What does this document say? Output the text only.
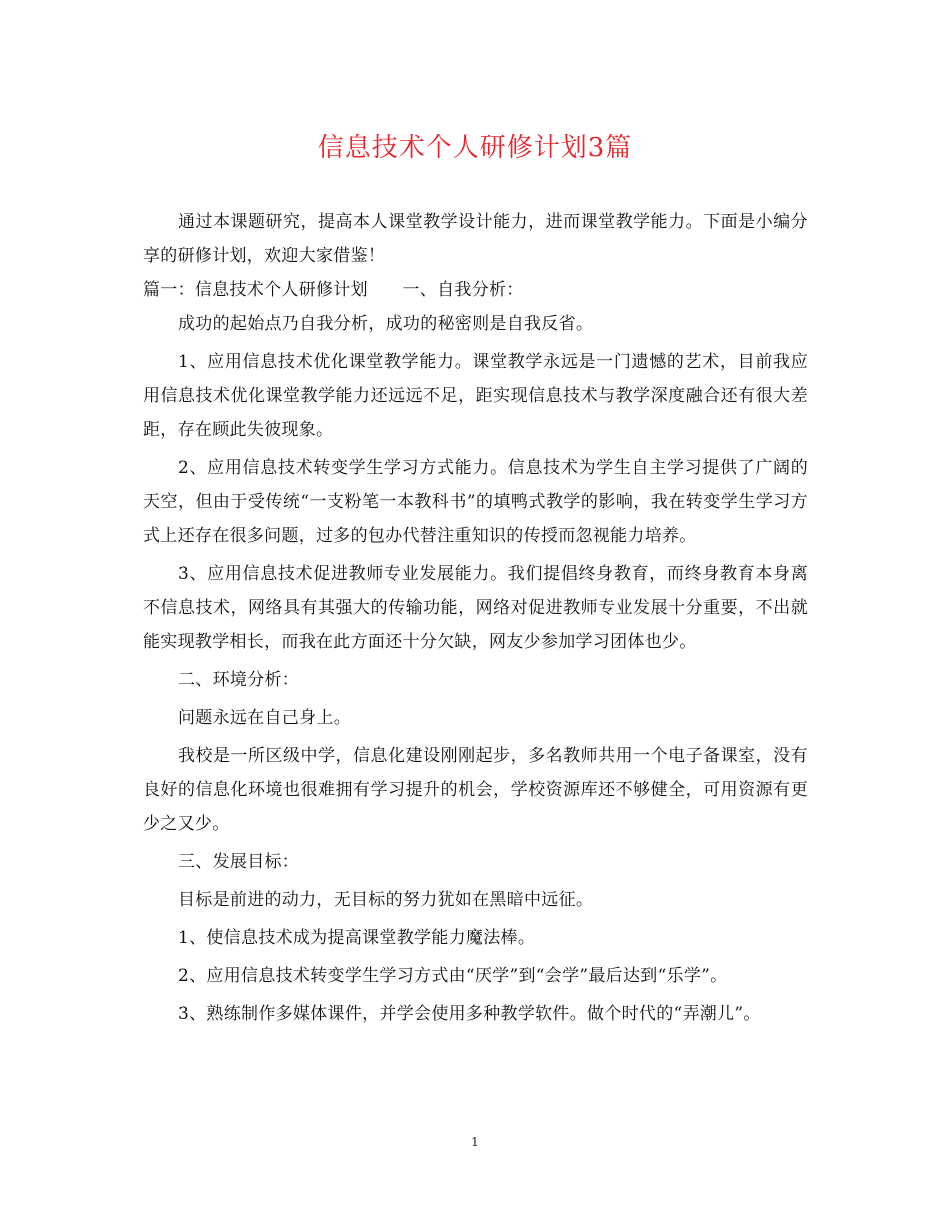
信息技术个人研修计划3篇

通过本课题研究，提高本人课堂教学设计能力，进而课堂教学能力。下面是小编分享的研修计划，欢迎大家借鉴！

篇一：信息技术个人研修计划　　一、自我分析：

成功的起始点乃自我分析，成功的秘密则是自我反省。

1、应用信息技术优化课堂教学能力。课堂教学永远是一门遗憾的艺术，目前我应用信息技术优化课堂教学能力还远远不足，距实现信息技术与教学深度融合还有很大差距，存在顾此失彼现象。

2、应用信息技术转变学生学习方式能力。信息技术为学生自主学习提供了广阔的天空，但由于受传统“一支粉笔一本教科书”的填鸭式教学的影响，我在转变学生学习方式上还存在很多问题，过多的包办代替注重知识的传授而忽视能力培养。

3、应用信息技术促进教师专业发展能力。我们提倡终身教育，而终身教育本身离不信息技术，网络具有其强大的传输功能，网络对促进教师专业发展十分重要，不出就能实现教学相长，而我在此方面还十分欠缺，网友少参加学习团体也少。

二、环境分析：

问题永远在自己身上。

我校是一所区级中学，信息化建设刚刚起步，多名教师共用一个电子备课室，没有良好的信息化环境也很难拥有学习提升的机会，学校资源库还不够健全，可用资源有更少之又少。

三、发展目标：

目标是前进的动力，无目标的努力犹如在黑暗中远征。

1、使信息技术成为提高课堂教学能力魔法棒。

2、应用信息技术转变学生学习方式由“厌学”到“会学”最后达到“乐学”。

3、熟练制作多媒体课件，并学会使用多种教学软件。做个时代的“弄潮儿”。

1
